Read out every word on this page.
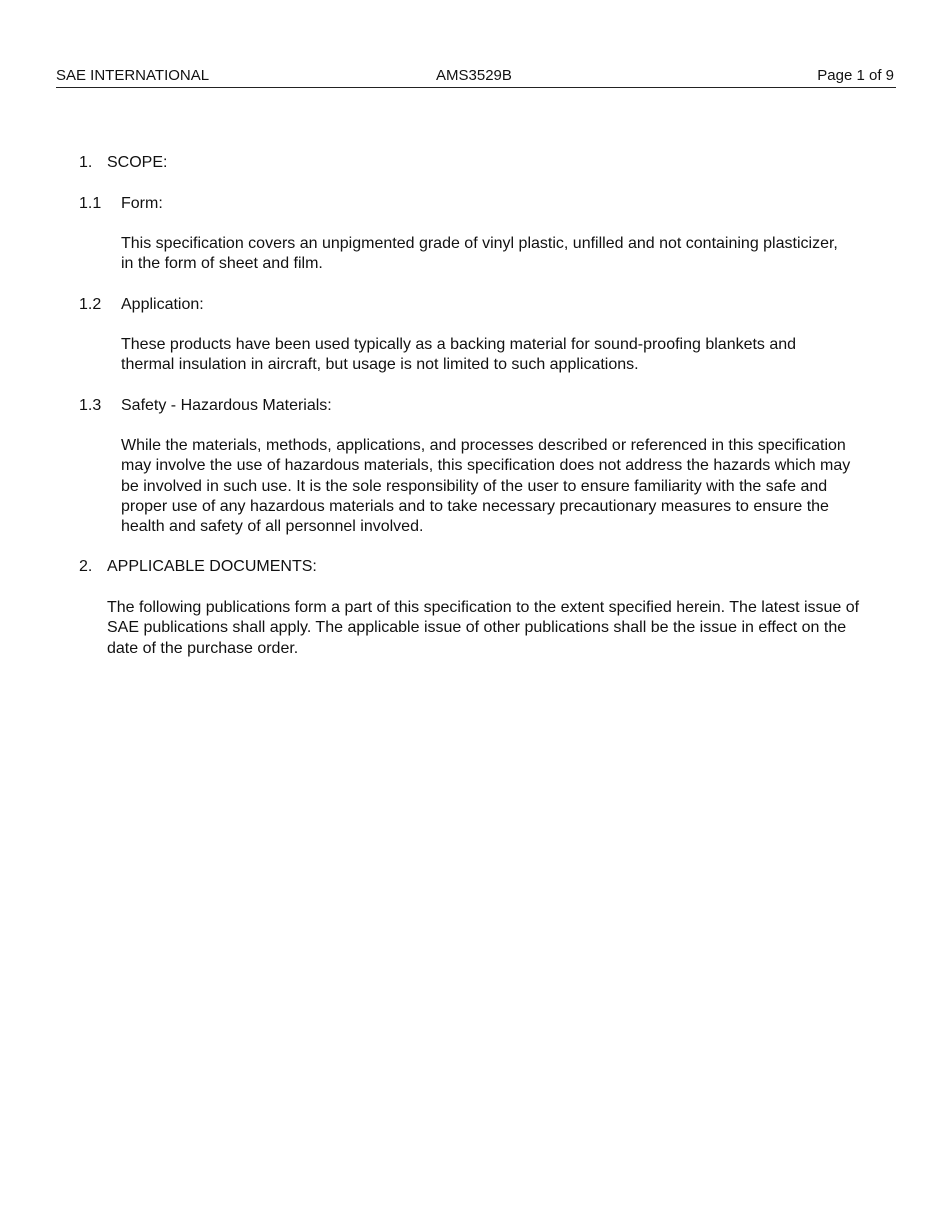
SAE INTERNATIONAL	AMS3529B	Page 1 of 9
1. SCOPE:
1.1 Form:

This specification covers an unpigmented grade of vinyl plastic, unfilled and not containing plasticizer, in the form of sheet and film.

1.2 Application:

These products have been used typically as a backing material for sound-proofing blankets and thermal insulation in aircraft, but usage is not limited to such applications.

1.3 Safety - Hazardous Materials:

While the materials, methods, applications, and processes described or referenced in this specification may involve the use of hazardous materials, this specification does not address the hazards which may be involved in such use. It is the sole responsibility of the user to ensure familiarity with the safe and proper use of any hazardous materials and to take necessary precautionary measures to ensure the health and safety of all personnel involved.

2. APPLICABLE DOCUMENTS:

The following publications form a part of this specification to the extent specified herein. The latest issue of SAE publications shall apply. The applicable issue of other publications shall be the issue in effect on the date of the purchase order.
